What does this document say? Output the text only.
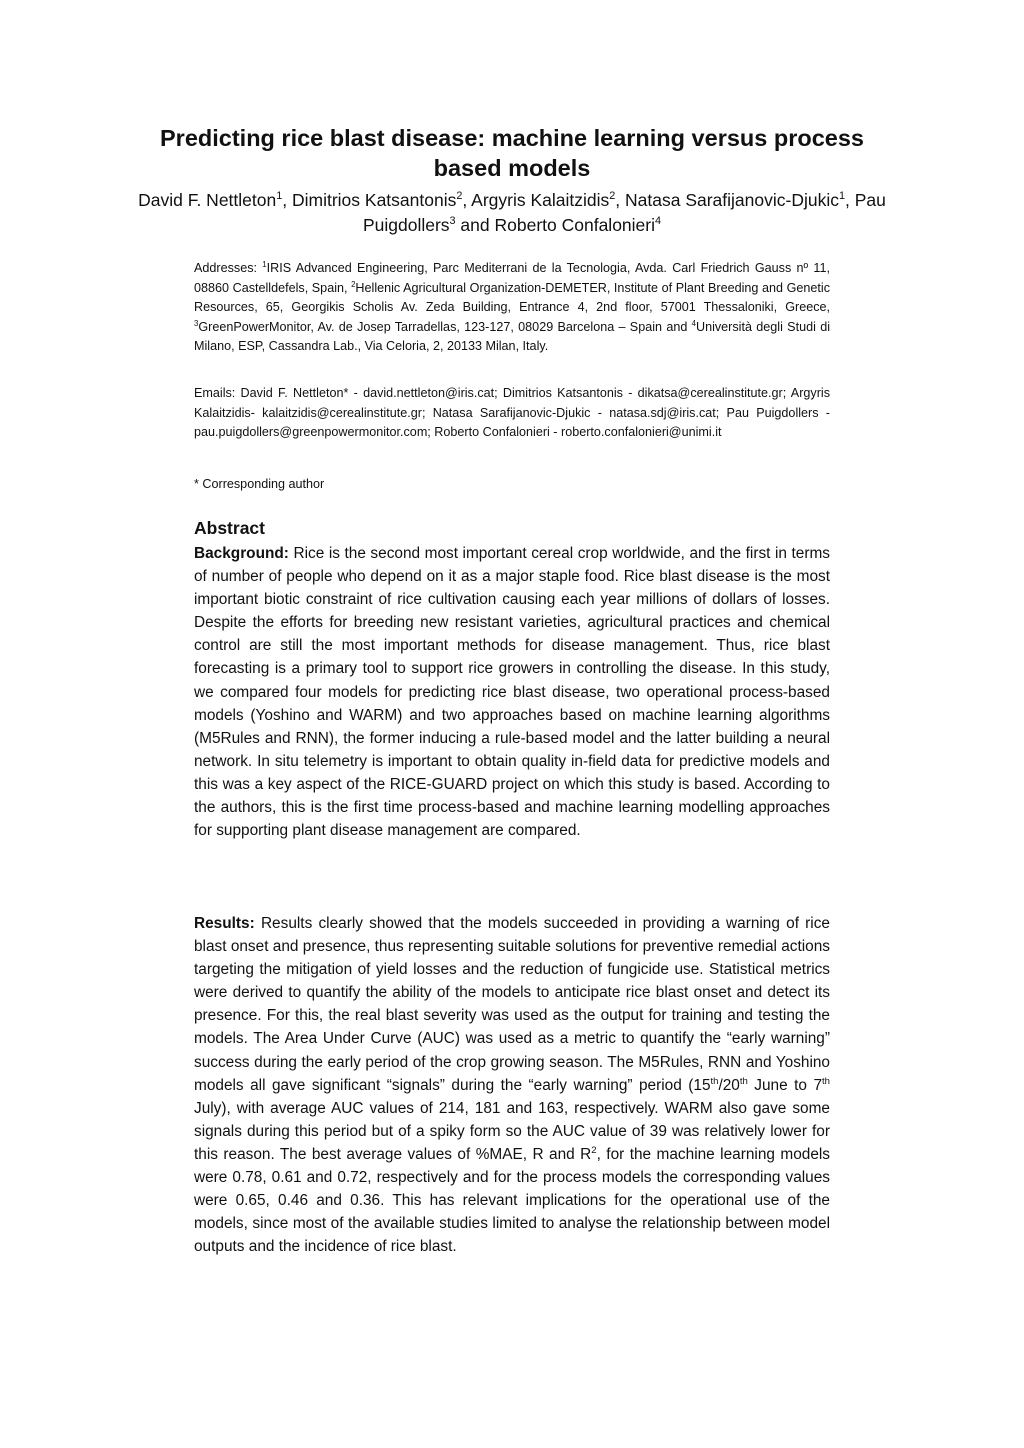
Predicting rice blast disease: machine learning versus process
based models

David F. Nettleton$^1$, Dimitrios Katsantonis$^2$, Argyris Kalaitzidis$^2$, Natasa Sarafijanovic-Djukic$^1$, Pau Puigdollers$^3$ and Roberto Confalonieri$^4$

Addresses: $^1$IRIS Advanced Engineering, Parc Mediterrani de la Tecnologia, Avda. Carl Friedrich Gauss nº 11, 08860 Castelldefels, Spain, $^2$Hellenic Agricultural Organization-DEMETER, Institute of Plant Breeding and Genetic Resources, 65, Georgikis Scholis Av. Zeda Building, Entrance 4, 2nd floor, 57001 Thessaloniki, Greece, $^3$GreenPowerMonitor, Av. de Josep Tarradellas, 123-127, 08029 Barcelona – Spain and $^4$Università degli Studi di Milano, ESP, Cassandra Lab., Via Celoria, 2, 20133 Milan, Italy.

Emails: David F. Nettleton* - david.nettleton@iris.cat; Dimitrios Katsantonis - dikatsa@cerealinstitute.gr; Argyris Kalaitzidis- kalaitzidis@cerealinstitute.gr; Natasa Sarafijanovic-Djukic - natasa.sdj@iris.cat; Pau Puigdollers - pau.puigdollers@greenpowermonitor.com; Roberto Confalonieri - roberto.confalonieri@unimi.it

* Corresponding author

Abstract

Background: Rice is the second most important cereal crop worldwide, and the first in terms of number of people who depend on it as a major staple food. Rice blast disease is the most important biotic constraint of rice cultivation causing each year millions of dollars of losses. Despite the efforts for breeding new resistant varieties, agricultural practices and chemical control are still the most important methods for disease management. Thus, rice blast forecasting is a primary tool to support rice growers in controlling the disease. In this study, we compared four models for predicting rice blast disease, two operational process-based models (Yoshino and WARM) and two approaches based on machine learning algorithms (M5Rules and RNN), the former inducing a rule-based model and the latter building a neural network. In situ telemetry is important to obtain quality in-field data for predictive models and this was a key aspect of the RICE-GUARD project on which this study is based. According to the authors, this is the first time process-based and machine learning modelling approaches for supporting plant disease management are compared.

Results: Results clearly showed that the models succeeded in providing a warning of rice blast onset and presence, thus representing suitable solutions for preventive remedial actions targeting the mitigation of yield losses and the reduction of fungicide use. Statistical metrics were derived to quantify the ability of the models to anticipate rice blast onset and detect its presence. For this, the real blast severity was used as the output for training and testing the models. The Area Under Curve (AUC) was used as a metric to quantify the “early warning” success during the early period of the crop growing season. The M5Rules, RNN and Yoshino models all gave significant “signals” during the “early warning” period (15th/20th June to 7th July), with average AUC values of 214, 181 and 163, respectively. WARM also gave some signals during this period but of a spiky form so the AUC value of 39 was relatively lower for this reason. The best average values of %MAE, R and $R^2$, for the machine learning models were 0.78, 0.61 and 0.72, respectively and for the process models the corresponding values were 0.65, 0.46 and 0.36. This has relevant implications for the operational use of the models, since most of the available studies limited to analyse the relationship between model outputs and the incidence of rice blast.
